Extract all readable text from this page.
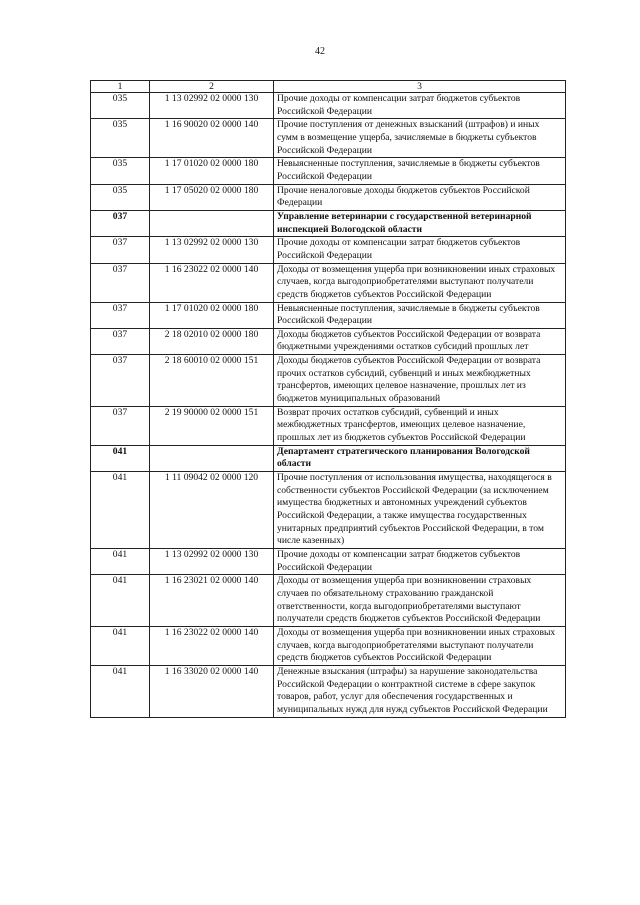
42
1	2	3
035	1 13 02992 02 0000 130	Прочие доходы от компенсации затрат бюджетов субъектов Российской Федерации
035	1 16 90020 02 0000 140	Прочие поступления от денежных взысканий (штрафов) и иных сумм в возмещение ущерба, зачисляемые в бюджеты субъектов Российской Федерации
035	1 17 01020 02 0000 180	Невыясненные поступления, зачисляемые в бюджеты субъектов Российской Федерации
035	1 17 05020 02 0000 180	Прочие неналоговые доходы бюджетов субъектов Российской Федерации
037		Управление ветеринарии с государственной ветеринарной инспекцией Вологодской области
037	1 13 02992 02 0000 130	Прочие доходы от компенсации затрат бюджетов субъектов Российской Федерации
037	1 16 23022 02 0000 140	Доходы от возмещения ущерба при возникновении иных страховых случаев, когда выгодоприобретателями выступают получатели средств бюджетов субъектов Российской Федерации
037	1 17 01020 02 0000 180	Невыясненные поступления, зачисляемые в бюджеты субъектов Российской Федерации
037	2 18 02010 02 0000 180	Доходы бюджетов субъектов Российской Федерации от возврата бюджетными учреждениями остатков субсидий прошлых лет
037	2 18 60010 02 0000 151	Доходы бюджетов субъектов Российской Федерации от возврата прочих остатков субсидий, субвенций и иных межбюджетных трансфертов, имеющих целевое назначение, прошлых лет из бюджетов муниципальных образований
037	2 19 90000 02 0000 151	Возврат прочих остатков субсидий, субвенций и иных межбюджетных трансфертов, имеющих целевое назначение, прошлых лет из бюджетов субъектов Российской Федерации
041		Департамент стратегического планирования Вологодской области
041	1 11 09042 02 0000 120	Прочие поступления от использования имущества, находящегося в собственности субъектов Российской Федерации (за исключением имущества бюджетных и автономных учреждений субъектов Российской Федерации, а также имущества государственных унитарных предприятий субъектов Российской Федерации, в том числе казенных)
041	1 13 02992 02 0000 130	Прочие доходы от компенсации затрат бюджетов субъектов Российской Федерации
041	1 16 23021 02 0000 140	Доходы от возмещения ущерба при возникновении страховых случаев по обязательному страхованию гражданской ответственности, когда выгодоприобретателями выступают получатели средств бюджетов субъектов Российской Федерации
041	1 16 23022 02 0000 140	Доходы от возмещения ущерба при возникновении иных страховых случаев, когда выгодоприобретателями выступают получатели средств бюджетов субъектов Российской Федерации
041	1 16 33020 02 0000 140	Денежные взыскания (штрафы) за нарушение законодательства Российской Федерации о контрактной системе в сфере закупок товаров, работ, услуг для обеспечения государственных и муниципальных нужд для нужд субъектов Российской Федерации
